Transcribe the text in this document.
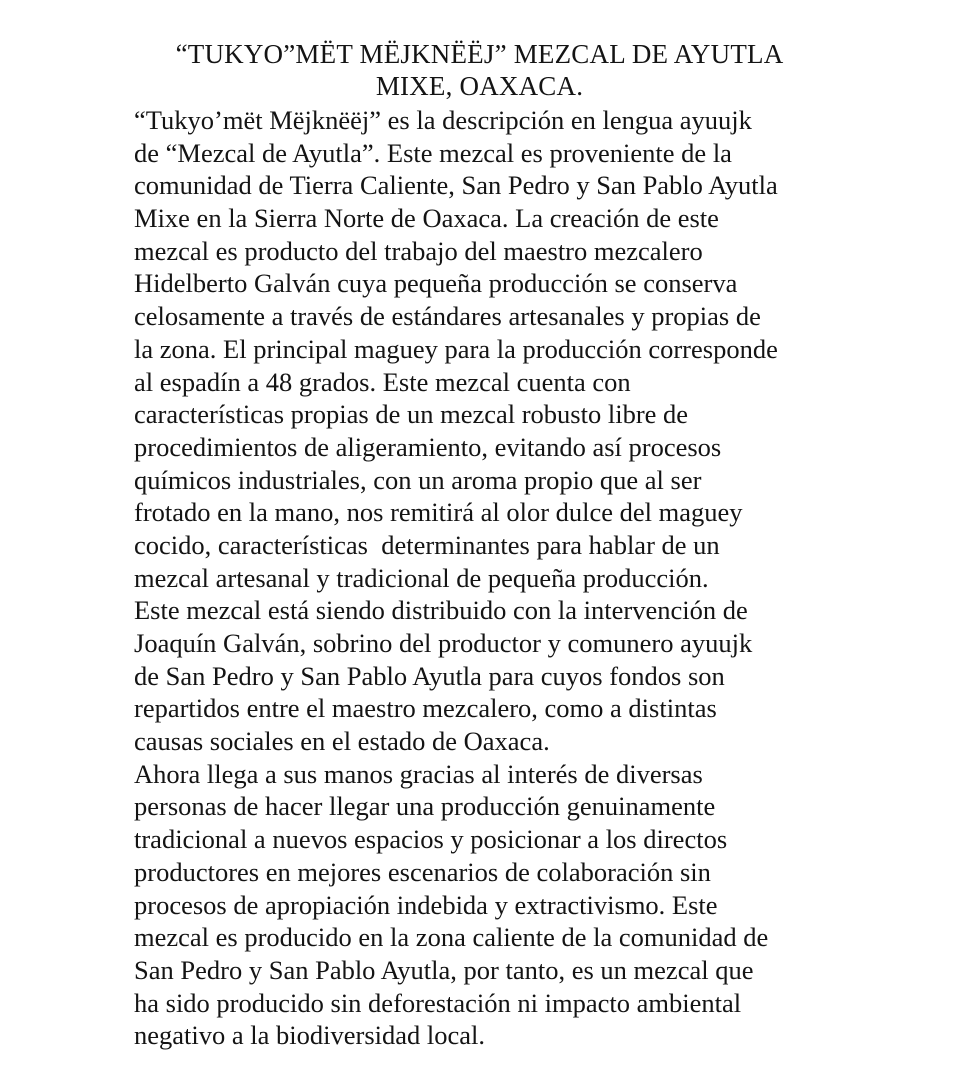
“TUKYO”MËT MËJKNËËJ” MEZCAL DE AYUTLA
MIXE, OAXACA.
“Tukyo’mët Mëjknëëj” es la descripción en lengua ayuujk
de “Mezcal de Ayutla”. Este mezcal es proveniente de la
comunidad de Tierra Caliente, San Pedro y San Pablo Ayutla
Mixe en la Sierra Norte de Oaxaca. La creación de este
mezcal es producto del trabajo del maestro mezcalero
Hidelberto Galván cuya pequeña producción se conserva
celosamente a través de estándares artesanales y propias de
la zona. El principal maguey para la producción corresponde
al espadín a 48 grados. Este mezcal cuenta con
características propias de un mezcal robusto libre de
procedimientos de aligeramiento, evitando así procesos
químicos industriales, con un aroma propio que al ser
frotado en la mano, nos remitirá al olor dulce del maguey
cocido, características  determinantes para hablar de un
mezcal artesanal y tradicional de pequeña producción.
Este mezcal está siendo distribuido con la intervención de
Joaquín Galván, sobrino del productor y comunero ayuujk
de San Pedro y San Pablo Ayutla para cuyos fondos son
repartidos entre el maestro mezcalero, como a distintas
causas sociales en el estado de Oaxaca.
Ahora llega a sus manos gracias al interés de diversas
personas de hacer llegar una producción genuinamente
tradicional a nuevos espacios y posicionar a los directos
productores en mejores escenarios de colaboración sin
procesos de apropiación indebida y extractivismo. Este
mezcal es producido en la zona caliente de la comunidad de
San Pedro y San Pablo Ayutla, por tanto, es un mezcal que
ha sido producido sin deforestación ni impacto ambiental
negativo a la biodiversidad local.
